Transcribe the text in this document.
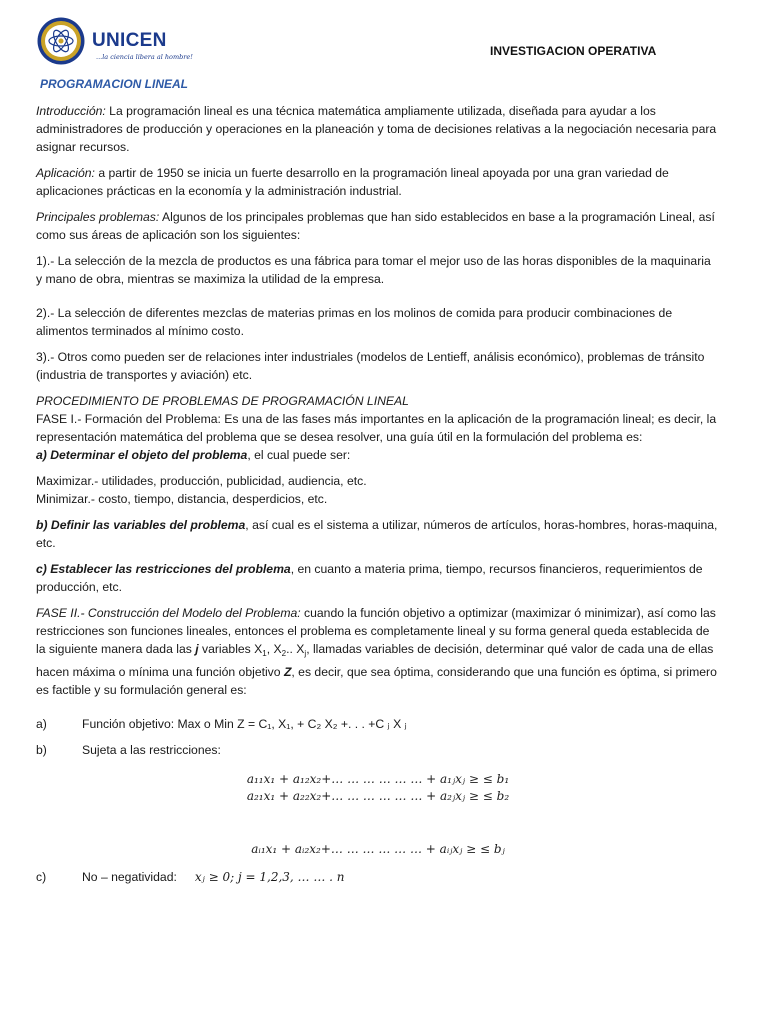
UNICEN
...la ciencia libera al hombre!	INVESTIGACION OPERATIVA
PROGRAMACION LINEAL

Introducción: La programación lineal es una técnica matemática ampliamente utilizada, diseñada para ayudar a los administradores de producción y operaciones en la planeación y toma de decisiones relativas a la negociación necesaria para asignar recursos.

Aplicación: a partir de 1950 se inicia un fuerte desarrollo en la programación lineal apoyada por una gran variedad de aplicaciones prácticas en la economía y la administración industrial.

Principales problemas: Algunos de los principales problemas que han sido establecidos en base a la programación Lineal, así como sus áreas de aplicación son los siguientes:

1).- La selección de la mezcla de productos es una fábrica para tomar el mejor uso de las horas disponibles de la maquinaria y mano de obra, mientras se maximiza la utilidad de la empresa.

2).- La selección de diferentes mezclas de materias primas en los molinos de comida para producir combinaciones de alimentos terminados al mínimo costo.

3).- Otros como pueden ser de relaciones inter industriales (modelos de Lentieff, análisis económico), problemas de tránsito (industria de transportes y aviación) etc.

PROCEDIMIENTO DE PROBLEMAS DE PROGRAMACIÓN LINEAL

FASE I.- Formación del Problema: Es una de las fases más importantes en la aplicación de la programación lineal; es decir, la representación matemática del problema que se desea resolver, una guía útil en la formulación del problema es:

a) Determinar el objeto del problema, el cual puede ser:

Maximizar.- utilidades, producción, publicidad, audiencia, etc.

Minimizar.- costo, tiempo, distancia, desperdicios, etc.

b) Definir las variables del problema, así cual es el sistema a utilizar, números de artículos, horas-hombres, horas-maquina, etc.

c) Establecer las restricciones del problema, en cuanto a materia prima, tiempo, recursos financieros, requerimientos de producción, etc.

FASE II.- Construcción del Modelo del Problema: cuando la función objetivo a optimizar (maximizar ó minimizar), así como las restricciones son funciones lineales, entonces el problema es completamente lineal y su forma general queda establecida de la siguiente manera dada las j variables $X_1$, $X_2$.. $X_j$, llamadas variables de decisión, determinar qué valor de cada una de ellas hacen máxima o mínima una función objetivo Z, es decir, que sea óptima, considerando que una función es óptima, si primero es factible y su formulación general es:

a)	Función objetivo: Max o Min Z = C₁, X₁, + C₂ X₂ +. . . +C ⱼ X ⱼ
b)	Sujeta a las restricciones:
a₁₁x₁ + a₁₂x₂+… … … … … … + a₁ⱼxⱼ ≥ ≤ b₁
a₂₁x₁ + a₂₂x₂+… … … … … … + a₂ⱼxⱼ ≥ ≤ b₂
aᵢ₁x₁ + aᵢ₂x₂+… … … … … … + aᵢⱼxⱼ ≥ ≤ bⱼ
c)	No – negatividad: xⱼ ≥ 0; j = 1,2,3, … … . n
